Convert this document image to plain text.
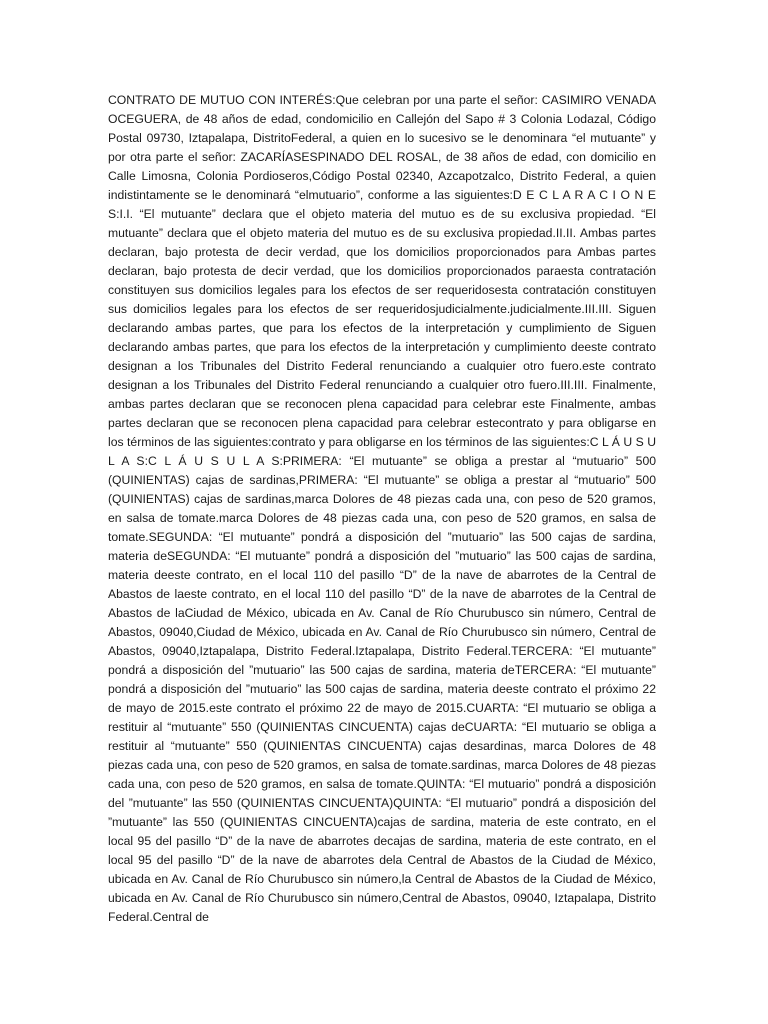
CONTRATO DE MUTUO CON INTERÉS:Que celebran por una parte el señor: CASIMIRO VENADA OCEGUERA, de 48 años de edad, condomicilio en Callejón del Sapo # 3 Colonia Lodazal, Código Postal 09730, Iztapalapa, DistritoFederal, a quien en lo sucesivo se le denominara “el mutuante” y por otra parte el señor: ZACARÍASESPINADO DEL ROSAL, de 38 años de edad, con domicilio en Calle Limosna, Colonia Pordioseros,Código Postal 02340, Azcapotzalco, Distrito Federal, a quien indistintamente se le denominará “elmutuario”, conforme a las siguientes:D E C L A R A C I O N E S:I.I. “El mutuante” declara que el objeto materia del mutuo es de su exclusiva propiedad. “El mutuante” declara que el objeto materia del mutuo es de su exclusiva propiedad.II.II. Ambas partes declaran, bajo protesta de decir verdad, que los domicilios proporcionados para Ambas partes declaran, bajo protesta de decir verdad, que los domicilios proporcionados paraesta contratación constituyen sus domicilios legales para los efectos de ser requeridosesta contratación constituyen sus domicilios legales para los efectos de ser requeridosjudicialmente.judicialmente.III.III. Siguen declarando ambas partes, que para los efectos de la interpretación y cumplimiento de Siguen declarando ambas partes, que para los efectos de la interpretación y cumplimiento deeste contrato designan a los Tribunales del Distrito Federal renunciando a cualquier otro fuero.este contrato designan a los Tribunales del Distrito Federal renunciando a cualquier otro fuero.III.III. Finalmente, ambas partes declaran que se reconocen plena capacidad para celebrar este Finalmente, ambas partes declaran que se reconocen plena capacidad para celebrar estecontrato y para obligarse en los términos de las siguientes:contrato y para obligarse en los términos de las siguientes:C L Á U S U L A S:C L Á U S U L A S:PRIMERA: “El mutuante” se obliga a prestar al “mutuario” 500 (QUINIENTAS) cajas de sardinas,PRIMERA: “El mutuante” se obliga a prestar al “mutuario” 500 (QUINIENTAS) cajas de sardinas,marca Dolores de 48 piezas cada una, con peso de 520 gramos, en salsa de tomate.marca Dolores de 48 piezas cada una, con peso de 520 gramos, en salsa de tomate.SEGUNDA: “El mutuante” pondrá a disposición del ”mutuario” las 500 cajas de sardina, materia deSEGUNDA: “El mutuante” pondrá a disposición del ”mutuario” las 500 cajas de sardina, materia deeste contrato, en el local 110 del pasillo “D” de la nave de abarrotes de la Central de Abastos de laeste contrato, en el local 110 del pasillo “D” de la nave de abarrotes de la Central de Abastos de laCiudad de México, ubicada en Av. Canal de Río Churubusco sin número, Central de Abastos, 09040,Ciudad de México, ubicada en Av. Canal de Río Churubusco sin número, Central de Abastos, 09040,Iztapalapa, Distrito Federal.Iztapalapa, Distrito Federal.TERCERA: “El mutuante” pondrá a disposición del ”mutuario” las 500 cajas de sardina, materia deTERCERA: “El mutuante” pondrá a disposición del ”mutuario” las 500 cajas de sardina, materia deeste contrato el próximo 22 de mayo de 2015.este contrato el próximo 22 de mayo de 2015.CUARTA: “El mutuario se obliga a restituir al “mutuante” 550 (QUINIENTAS CINCUENTA) cajas deCUARTA: “El mutuario se obliga a restituir al “mutuante” 550 (QUINIENTAS CINCUENTA) cajas desardinas, marca Dolores de 48 piezas cada una, con peso de 520 gramos, en salsa de tomate.sardinas, marca Dolores de 48 piezas cada una, con peso de 520 gramos, en salsa de tomate.QUINTA: “El mutuario” pondrá a disposición del ”mutuante” las 550 (QUINIENTAS CINCUENTA)QUINTA: “El mutuario” pondrá a disposición del ”mutuante” las 550 (QUINIENTAS CINCUENTA)cajas de sardina, materia de este contrato, en el local 95 del pasillo “D” de la nave de abarrotes decajas de sardina, materia de este contrato, en el local 95 del pasillo “D” de la nave de abarrotes dela Central de Abastos de la Ciudad de México, ubicada en Av. Canal de Río Churubusco sin número,la Central de Abastos de la Ciudad de México, ubicada en Av. Canal de Río Churubusco sin número,Central de Abastos, 09040, Iztapalapa, Distrito Federal.Central de
